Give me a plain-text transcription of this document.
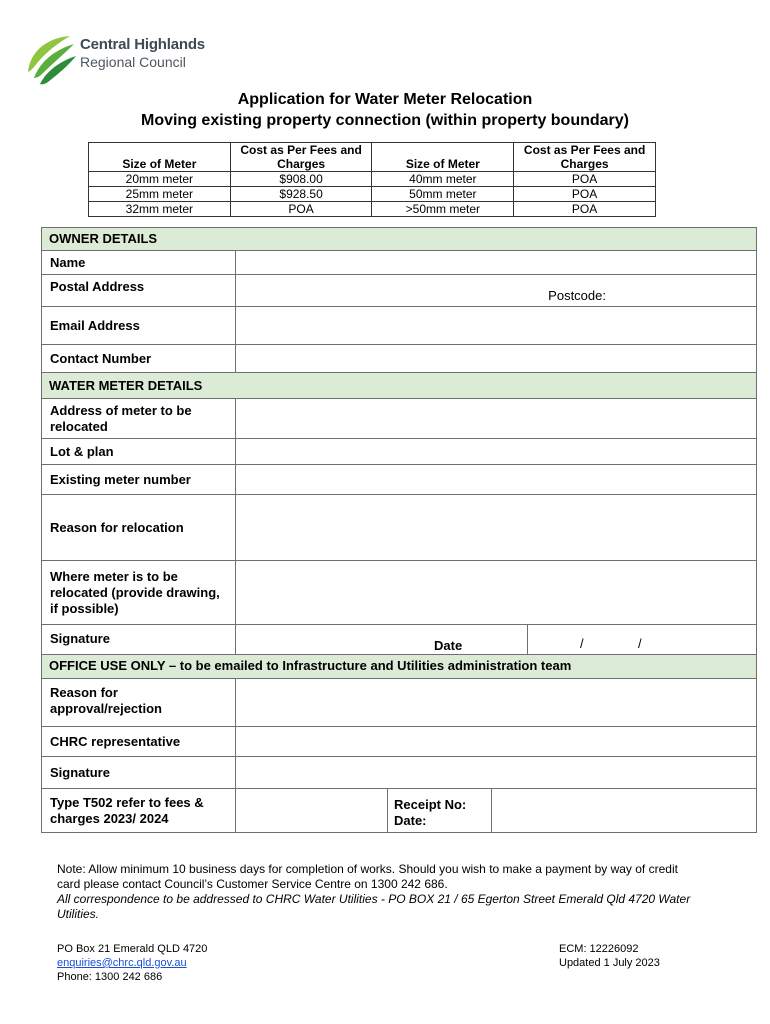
Central Highlands
Regional Council
Application for Water Meter Relocation
Moving existing property connection (within property boundary)
Size of Meter	Cost as Per Fees and Charges	Size of Meter	Cost as Per Fees and Charges
20mm meter	$908.00	40mm meter	POA
25mm meter	$928.50	50mm meter	POA
32mm meter	POA	>50mm meter	POA
OWNER DETAILS
Name
Postal Address
Postcode:
Email Address
Contact Number
WATER METER DETAILS
Address of meter to be relocated
Lot & plan
Existing meter number
Reason for relocation
Where meter is to be relocated (provide drawing, if possible)
Signature	Date	/	/
OFFICE USE ONLY – to be emailed to Infrastructure and Utilities administration team
Reason for approval/rejection
CHRC representative
Signature
Type T502 refer to fees & charges 2023/ 2024
Receipt No:
Date:
Note: Allow minimum 10 business days for completion of works. Should you wish to make a payment by way of credit card please contact Council’s Customer Service Centre on 1300 242 686.
All correspondence to be addressed to CHRC Water Utilities - PO BOX 21 / 65 Egerton Street Emerald Qld 4720 Water Utilities.
PO Box 21 Emerald QLD 4720
enquiries@chrc.qld.gov.au
Phone: 1300 242 686
ECM: 12226092
Updated 1 July 2023
